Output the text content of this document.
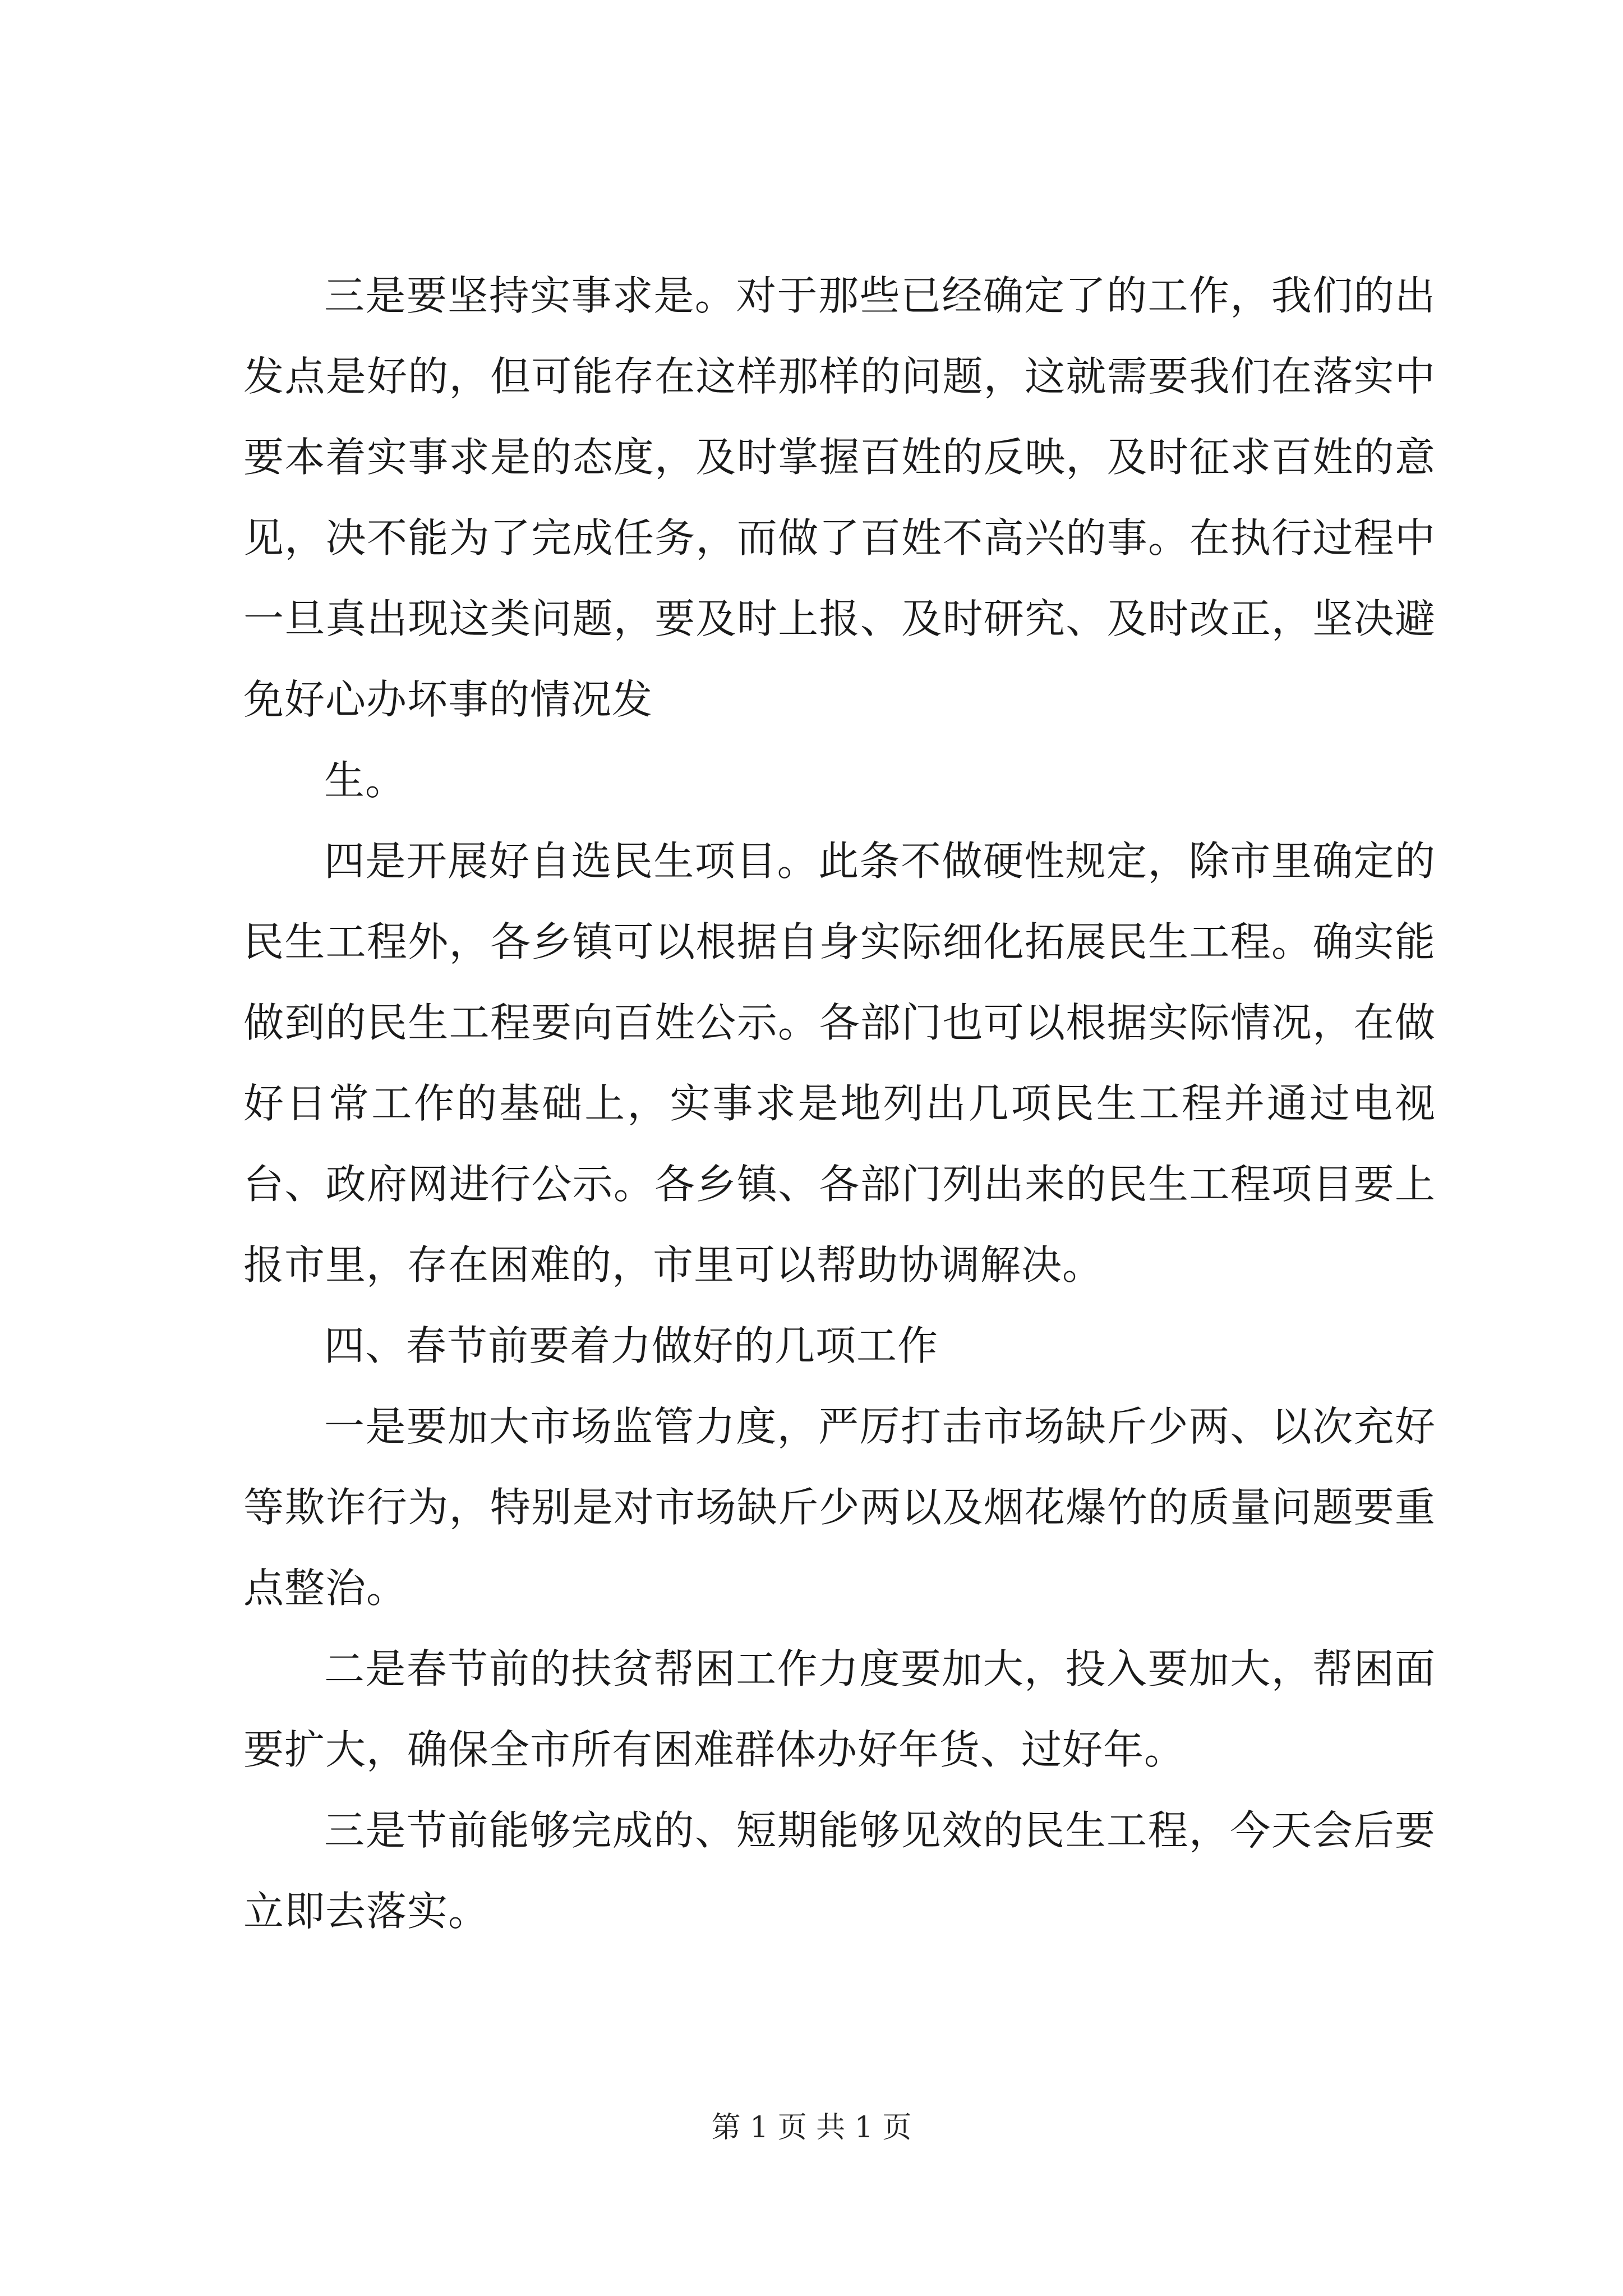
三是要坚持实事求是。对于那些已经确定了的工作，我们的出发点是好的，但可能存在这样那样的问题，这就需要我们在落实中要本着实事求是的态度，及时掌握百姓的反映，及时征求百姓的意见，决不能为了完成任务，而做了百姓不高兴的事。在执行过程中一旦真出现这类问题，要及时上报、及时研究、及时改正，坚决避免好心办坏事的情况发

生。

四是开展好自选民生项目。此条不做硬性规定，除市里确定的民生工程外，各乡镇可以根据自身实际细化拓展民生工程。确实能做到的民生工程要向百姓公示。各部门也可以根据实际情况，在做好日常工作的基础上，实事求是地列出几项民生工程并通过电视台、政府网进行公示。各乡镇、各部门列出来的民生工程项目要上报市里，存在困难的，市里可以帮助协调解决。

四、春节前要着力做好的几项工作

一是要加大市场监管力度，严厉打击市场缺斤少两、以次充好等欺诈行为，特别是对市场缺斤少两以及烟花爆竹的质量问题要重点整治。

二是春节前的扶贫帮困工作力度要加大，投入要加大，帮困面要扩大，确保全市所有困难群体办好年货、过好年。

三是节前能够完成的、短期能够见效的民生工程，今天会后要立即去落实。

第 1 页 共 1 页
